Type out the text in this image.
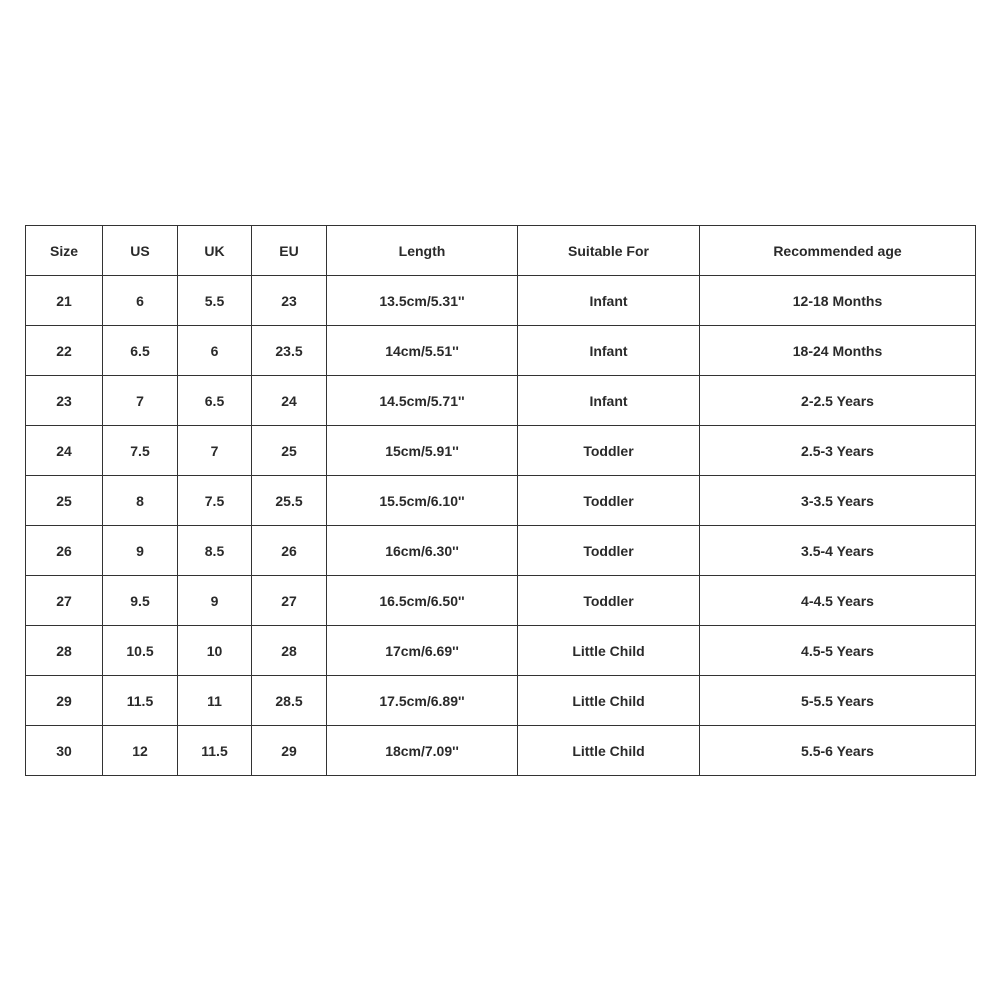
Size	US	UK	EU	Length	Suitable For	Recommended age
21	6	5.5	23	13.5cm/5.31''	Infant	12-18 Months
22	6.5	6	23.5	14cm/5.51''	Infant	18-24 Months
23	7	6.5	24	14.5cm/5.71''	Infant	2-2.5 Years
24	7.5	7	25	15cm/5.91''	Toddler	2.5-3 Years
25	8	7.5	25.5	15.5cm/6.10''	Toddler	3-3.5 Years
26	9	8.5	26	16cm/6.30''	Toddler	3.5-4 Years
27	9.5	9	27	16.5cm/6.50''	Toddler	4-4.5 Years
28	10.5	10	28	17cm/6.69''	Little Child	4.5-5 Years
29	11.5	11	28.5	17.5cm/6.89''	Little Child	5-5.5 Years
30	12	11.5	29	18cm/7.09''	Little Child	5.5-6 Years
